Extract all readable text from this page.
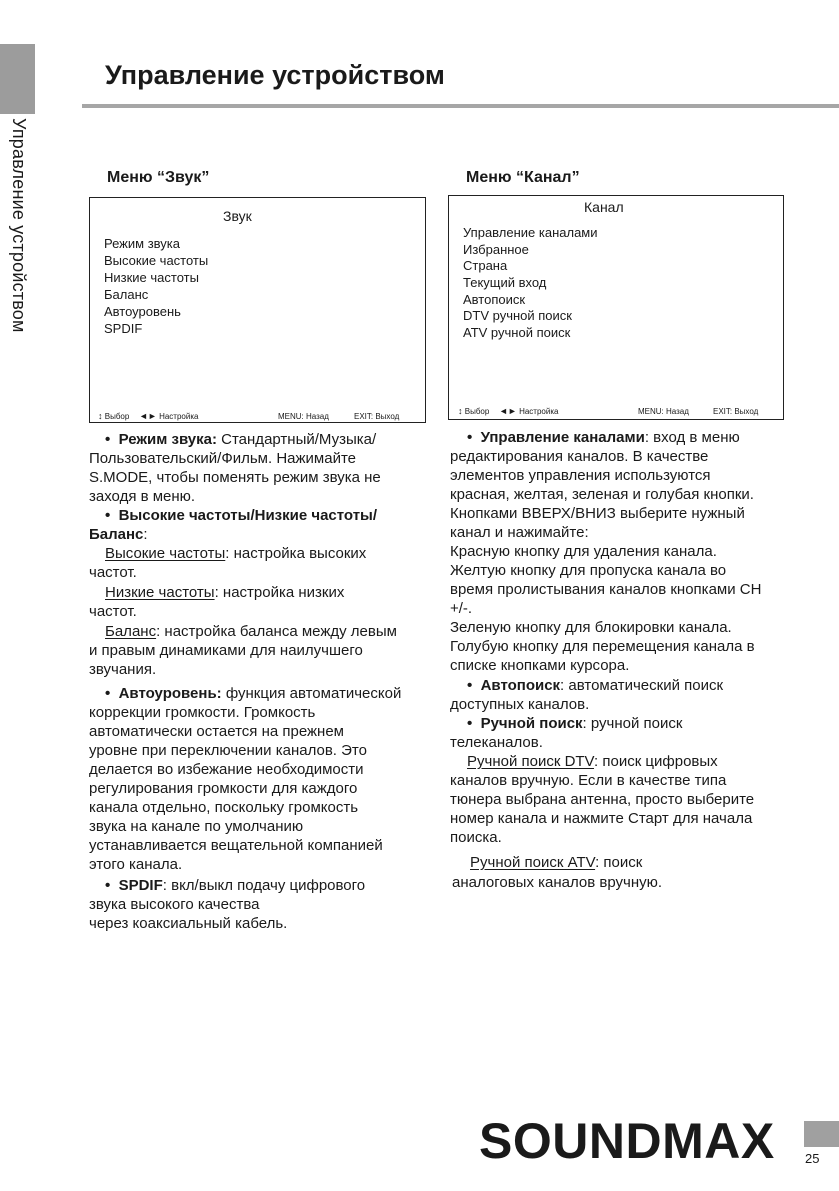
Управление устройством
Управление устройством
Меню “Звук”	Меню “Канал”
Звук
Режим звука
Высокие частоты
Низкие частоты
Баланс
Автоуровень
SPDIF
↕ Выбор ◄► Настройка	MENU: Назад	EXIT: Выход
Канал
Управление каналами
Избранное
Страна
Текущий вход
Автопоиск
DTV ручной поиск
ATV ручной поиск
↕ Выбор ◄► Настройка	MENU: Назад	EXIT: Выход
•  Режим звука: Стандартный/Музыка/
Пользовательский/Фильм. Нажимайте
S.MODE, чтобы поменять режим звука не
заходя в меню.
•  Высокие частоты/Низкие частоты/
Баланс:
Высокие частоты: настройка высоких
частот.
Низкие частоты: настройка низких
частот.
Баланс: настройка баланса между левым
и правым динамиками для наилучшего
звучания.
•  Автоуровень: функция автоматической
коррекции громкости. Громкость
автоматически остается на прежнем
уровне при переключении каналов. Это
делается во избежание необходимости
регулирования громкости для каждого
канала отдельно, поскольку громкость
звука на канале по умолчанию
устанавливается вещательной компанией
этого канала.
•  SPDIF: вкл/выкл подачу цифрового
звука высокого качества
через коаксиальный кабель.
•  Управление каналами: вход в меню
редактирования каналов. В качестве
элементов управления используются
красная, желтая, зеленая и голубая кнопки.
Кнопками ВВЕРХ/ВНИЗ выберите нужный
канал и нажимайте:
Красную кнопку для удаления канала.
Желтую кнопку для пропуска канала во
время пролистывания каналов кнопками CH
+/-.
Зеленую кнопку для блокировки канала.
Голубую кнопку для перемещения канала в
списке кнопками курсора.
•  Автопоиск: автоматический поиск
доступных каналов.
•  Ручной поиск: ручной поиск
телеканалов.
Ручной поиск DTV: поиск цифровых
каналов вручную. Если в качестве типа
тюнера выбрана антенна, просто выберите
номер канала и нажмите Старт для начала
поиска.
Ручной поиск ATV: поиск
аналоговых каналов вручную.
SOUNDMAX 25
